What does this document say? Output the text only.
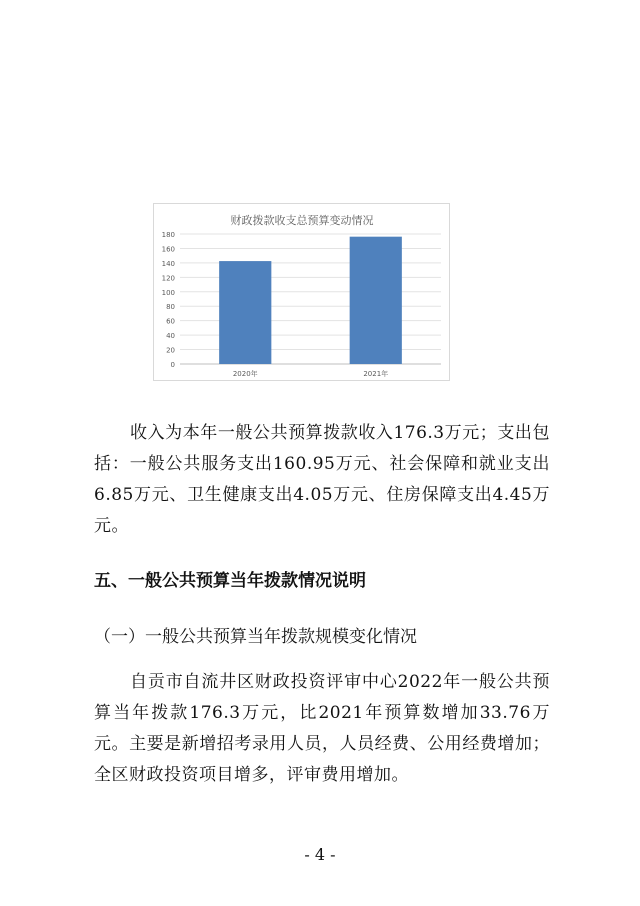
财政拨款收支总预算变动情况
0
20
40
60
80
100
120
140
160
180
2020年	2021年

收入为本年一般公共预算拨款收入176.3万元；支出包括：一般公共服务支出160.95万元、社会保障和就业支出6.85万元、卫生健康支出4.05万元、住房保障支出4.45万元。

五、一般公共预算当年拨款情况说明

（一）一般公共预算当年拨款规模变化情况

自贡市自流井区财政投资评审中心2022年一般公共预算当年拨款176.3万元，比2021年预算数增加33.76万元。主要是新增招考录用人员，人员经费、公用经费增加；全区财政投资项目增多，评审费用增加。

- 4 -
